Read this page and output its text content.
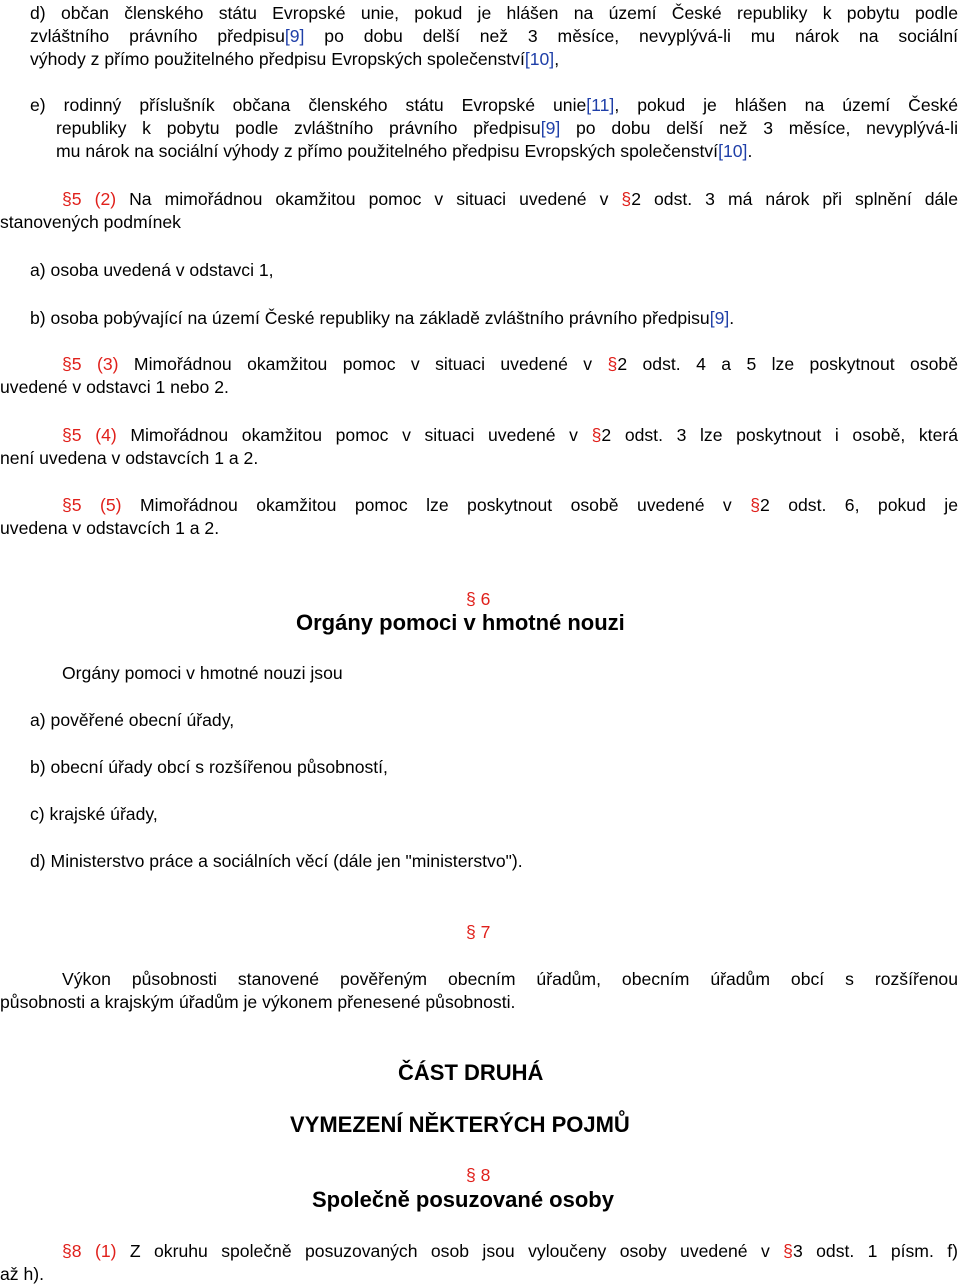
d) občan členského státu Evropské unie, pokud je hlášen na území České republiky k pobytu podle
zvláštního právního předpisu[9] po dobu delší než 3 měsíce, nevyplývá-li mu nárok na sociální
výhody z přímo použitelného předpisu Evropských společenství[10],
e) rodinný příslušník občana členského státu Evropské unie[11], pokud je hlášen na území České
republiky k pobytu podle zvláštního právního předpisu[9] po dobu delší než 3 měsíce, nevyplývá-li
mu nárok na sociální výhody z přímo použitelného předpisu Evropských společenství[10].
§5 (2) Na mimořádnou okamžitou pomoc v situaci uvedené v §2 odst. 3 má nárok při splnění dále
stanovených podmínek
a) osoba uvedená v odstavci 1,
b) osoba pobývající na území České republiky na základě zvláštního právního předpisu[9].
§5 (3) Mimořádnou okamžitou pomoc v situaci uvedené v §2 odst. 4 a 5 lze poskytnout osobě
uvedené v odstavci 1 nebo 2.
§5 (4) Mimořádnou okamžitou pomoc v situaci uvedené v §2 odst. 3 lze poskytnout i osobě, která
není uvedena v odstavcích 1 a 2.
§5 (5) Mimořádnou okamžitou pomoc lze poskytnout osobě uvedené v §2 odst. 6, pokud je
uvedena v odstavcích 1 a 2.
§ 6
Orgány pomoci v hmotné nouzi
Orgány pomoci v hmotné nouzi jsou
a) pověřené obecní úřady,
b) obecní úřady obcí s rozšířenou působností,
c) krajské úřady,
d) Ministerstvo práce a sociálních věcí (dále jen "ministerstvo").
§ 7
Výkon působnosti stanovené pověřeným obecním úřadům, obecním úřadům obcí s rozšířenou
působnosti a krajským úřadům je výkonem přenesené působnosti.
ČÁST DRUHÁ
VYMEZENÍ NĚKTERÝCH POJMŮ
§ 8
Společně posuzované osoby
§8 (1) Z okruhu společně posuzovaných osob jsou vyloučeny osoby uvedené v §3 odst. 1 písm. f)
až h).
